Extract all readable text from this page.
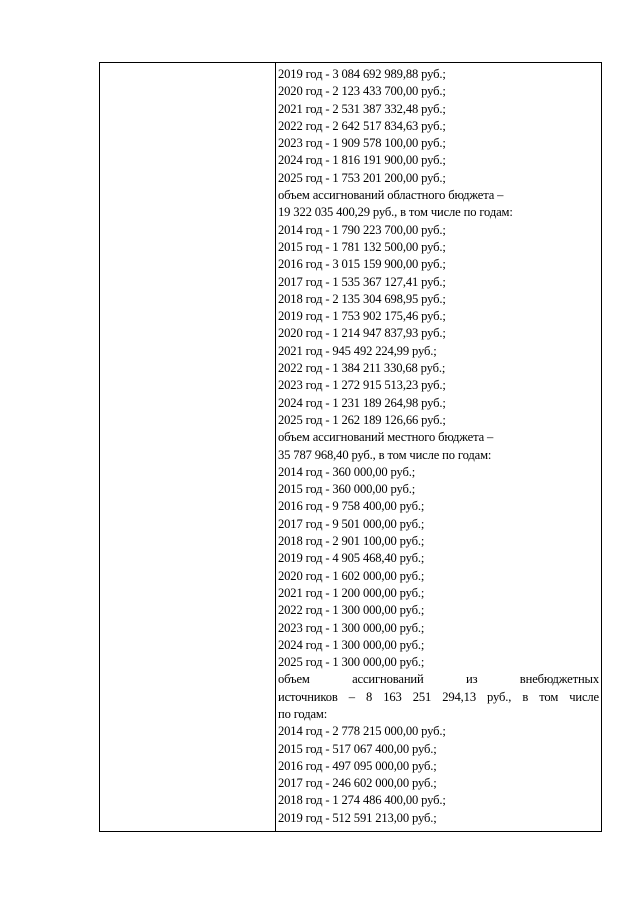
2019 год - 3 084 692 989,88 руб.;
2020 год - 2 123 433 700,00 руб.;
2021 год - 2 531 387 332,48 руб.;
2022 год - 2 642 517 834,63 руб.;
2023 год - 1 909 578 100,00 руб.;
2024 год - 1 816 191 900,00 руб.;
2025 год - 1 753 201 200,00 руб.;
объем ассигнований областного бюджета –
19 322 035 400,29 руб., в том числе по годам:
2014 год - 1 790 223 700,00 руб.;
2015 год - 1 781 132 500,00 руб.;
2016 год - 3 015 159 900,00 руб.;
2017 год - 1 535 367 127,41 руб.;
2018 год - 2 135 304 698,95 руб.;
2019 год - 1 753 902 175,46 руб.;
2020 год - 1 214 947 837,93 руб.;
2021 год - 945 492 224,99 руб.;
2022 год - 1 384 211 330,68 руб.;
2023 год - 1 272 915 513,23 руб.;
2024 год - 1 231 189 264,98 руб.;
2025 год - 1 262 189 126,66 руб.;
объем ассигнований местного бюджета –
35 787 968,40 руб., в том числе по годам:
2014 год - 360 000,00 руб.;
2015 год - 360 000,00 руб.;
2016 год - 9 758 400,00 руб.;
2017 год - 9 501 000,00 руб.;
2018 год - 2 901 100,00 руб.;
2019 год - 4 905 468,40 руб.;
2020 год - 1 602 000,00 руб.;
2021 год - 1 200 000,00 руб.;
2022 год - 1 300 000,00 руб.;
2023 год - 1 300 000,00 руб.;
2024 год - 1 300 000,00 руб.;
2025 год - 1 300 000,00 руб.;
объем ассигнований из внебюджетных
источников – 8 163 251 294,13 руб., в том числе
по годам:
2014 год - 2 778 215 000,00 руб.;
2015 год - 517 067 400,00 руб.;
2016 год - 497 095 000,00 руб.;
2017 год - 246 602 000,00 руб.;
2018 год - 1 274 486 400,00 руб.;
2019 год - 512 591 213,00 руб.;
